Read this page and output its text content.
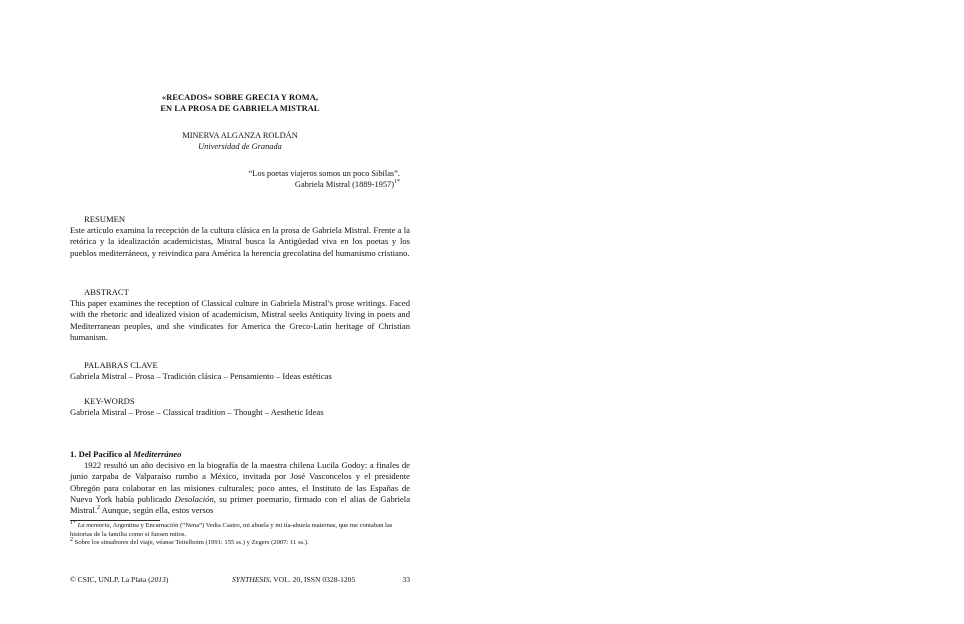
«RECADOS» SOBRE GRECIA Y ROMA,
EN LA PROSA DE GABRIELA MISTRAL
MINERVA ALGANZA ROLDÁN
Universidad de Granada
“Los poetas viajeros somos un poco Sibilas”.
Gabriela Mistral (1889-1957)$^{1*}$
RESUMEN

Este artículo examina la recepción de la cultura clásica en la prosa de Gabriela Mistral. Frente a la retórica y la idealización academicistas, Mistral busca la Antigüedad viva en los poetas y los pueblos mediterráneos, y reivindica para América la herencia grecolatina del humanismo cristiano.

ABSTRACT

This paper examines the reception of Classical culture in Gabriela Mistral’s prose writings. Faced with the rhetoric and idealized vision of academicism, Mistral seeks Antiquity living in poets and Mediterranean peoples, and she vindicates for America the Greco-Latin heritage of Christian humanism.

PALABRAS CLAVE

Gabriela Mistral – Prosa – Tradición clásica – Pensamiento – Ideas estéticas

KEY-WORDS

Gabriela Mistral – Prose – Classical tradition – Thought – Aesthetic Ideas

1. Del Pacífico al Mediterráneo

1922 resultó un año decisivo en la biografía de la maestra chilena Lucila Godoy: a finales de junio zarpaba de Valparaíso rumbo a México, invitada por José Vasconcelos y el presidente Obregón para colaborar en las misiones culturales; poco antes, el Instituto de las Españas de Nueva York había publicado Desolación, su primer poemario, firmado con el alias de Gabriela Mistral.$^2$ Aunque, según ella, estos versos

$^{1*}$ La memoria, Argentina y Encarnación (“Nena”) Vedia Castro, mi abuela y mi tía-abuela maternas, que me contaban las historias de la familia como si fuesen mitos.

$^2$ Sobre los sinsabores del viaje, véanse Teitelboim (1991: 155 ss.) y Zegers (2007: 11 ss.).

© CSIC, UNLP, La Plata (2013)	SYNTHESIS, VOL. 20, ISSN 0328-1205	33
